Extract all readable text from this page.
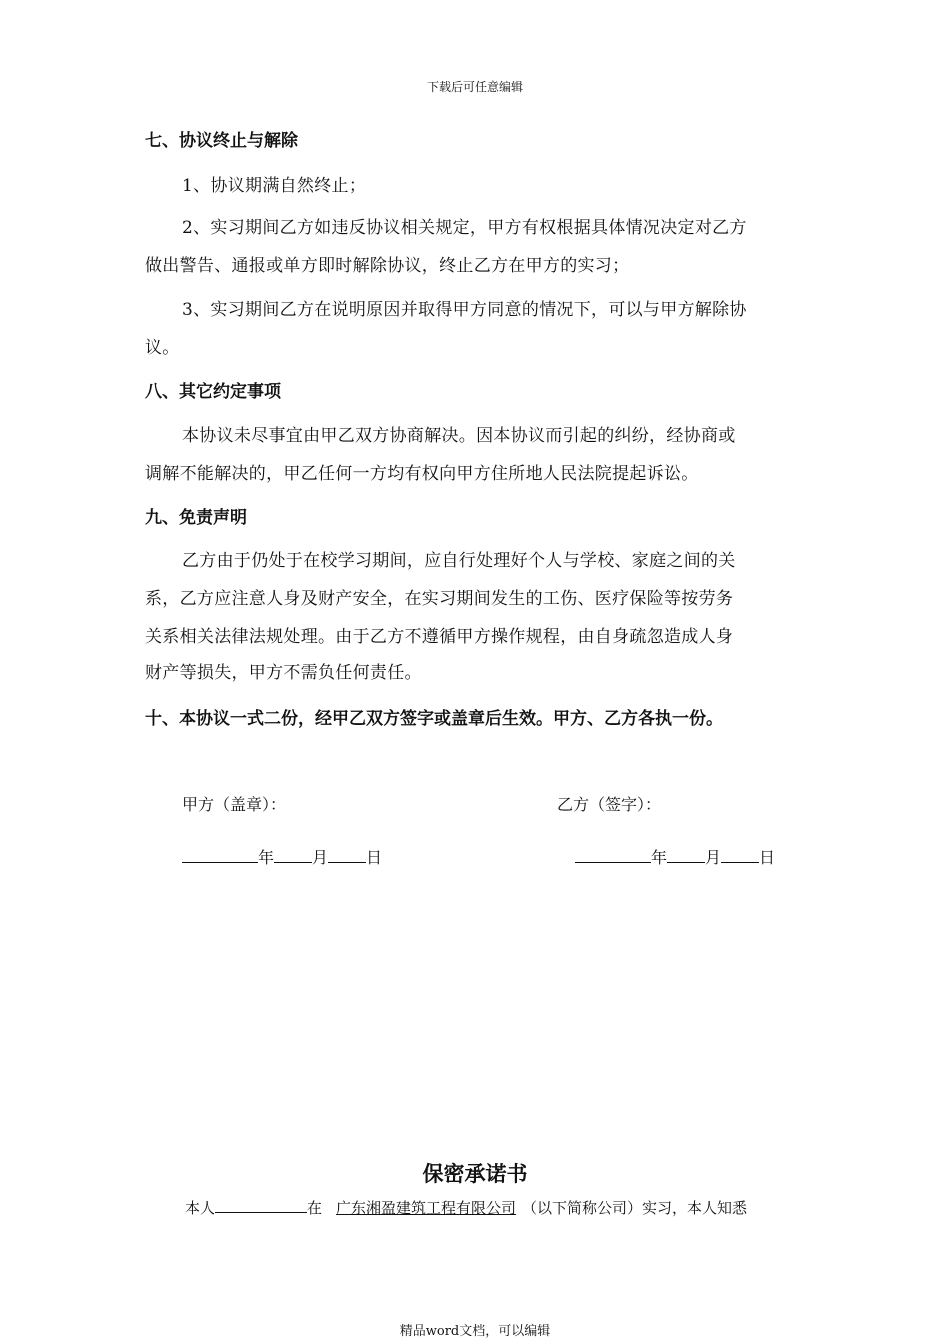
下载后可任意编辑
七、协议终止与解除
1、协议期满自然终止；
2、实习期间乙方如违反协议相关规定，甲方有权根据具体情况决定对乙方
做出警告、通报或单方即时解除协议，终止乙方在甲方的实习；
3、实习期间乙方在说明原因并取得甲方同意的情况下，可以与甲方解除协
议。
八、其它约定事项
本协议未尽事宜由甲乙双方协商解决。因本协议而引起的纠纷，经协商或
调解不能解决的，甲乙任何一方均有权向甲方住所地人民法院提起诉讼。
九、免责声明
乙方由于仍处于在校学习期间，应自行处理好个人与学校、家庭之间的关
系，乙方应注意人身及财产安全，在实习期间发生的工伤、医疗保险等按劳务
关系相关法律法规处理。由于乙方不遵循甲方操作规程，由自身疏忽造成人身
财产等损失，甲方不需负任何责任。
十、本协议一式二份，经甲乙双方签字或盖章后生效。甲方、乙方各执一份。
甲方（盖章）：	乙方（签字）：
年 月 日	年 月 日
保密承诺书
本人	在 广东湘盈建筑工程有限公司 （以下简称公司）实习，本人知悉
精品word文档，可以编辑
